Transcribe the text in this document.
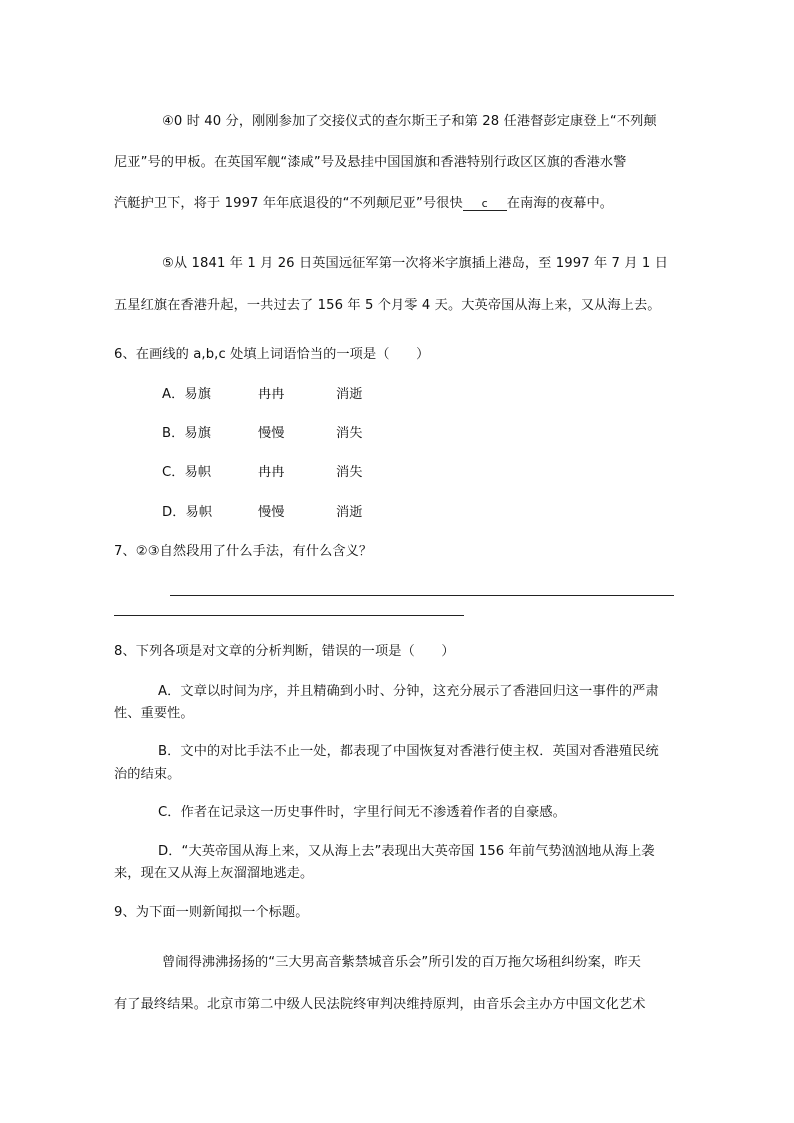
④0 时 40 分，刚刚参加了交接仪式的查尔斯王子和第 28 任港督彭定康登上“不列颠
尼亚”号的甲板。在英国军舰“漆咸”号及悬挂中国国旗和香港特别行政区区旗的香港水警
汽艇护卫下，将于 1997 年年底退役的“不列颠尼亚”号很快 c 在南海的夜幕中。
⑤从 1841 年 1 月 26 日英国远征军第一次将米字旗插上港岛，至 1997 年 7 月 1 日
五星红旗在香港升起，一共过去了 156 年 5 个月零 4 天。大英帝国从海上来，又从海上去。
6、在画线的 a,b,c 处填上词语恰当的一项是（　　）
A．易旗	冉冉	消逝
B．易旗	慢慢	消失
C．易帜	冉冉	消失
D．易帜	慢慢	消逝
7、②③自然段用了什么手法，有什么含义？
8、下列各项是对文章的分析判断，错误的一项是（　　）
A．文章以时间为序，并且精确到小时、分钟，这充分展示了香港回归这一事件的严肃
性、重要性。
B．文中的对比手法不止一处，都表现了中国恢复对香港行使主权．英国对香港殖民统
治的结束。
C．作者在记录这一历史事件时，字里行间无不渗透着作者的自豪感。
D．“大英帝国从海上来，又从海上去”表现出大英帝国 156 年前气势汹汹地从海上袭
来，现在又从海上灰溜溜地逃走。
9、为下面一则新闻拟一个标题。
曾闹得沸沸扬扬的“三大男高音紫禁城音乐会”所引发的百万拖欠场租纠纷案，昨天
有了最终结果。北京市第二中级人民法院终审判决维持原判，由音乐会主办方中国文化艺术
